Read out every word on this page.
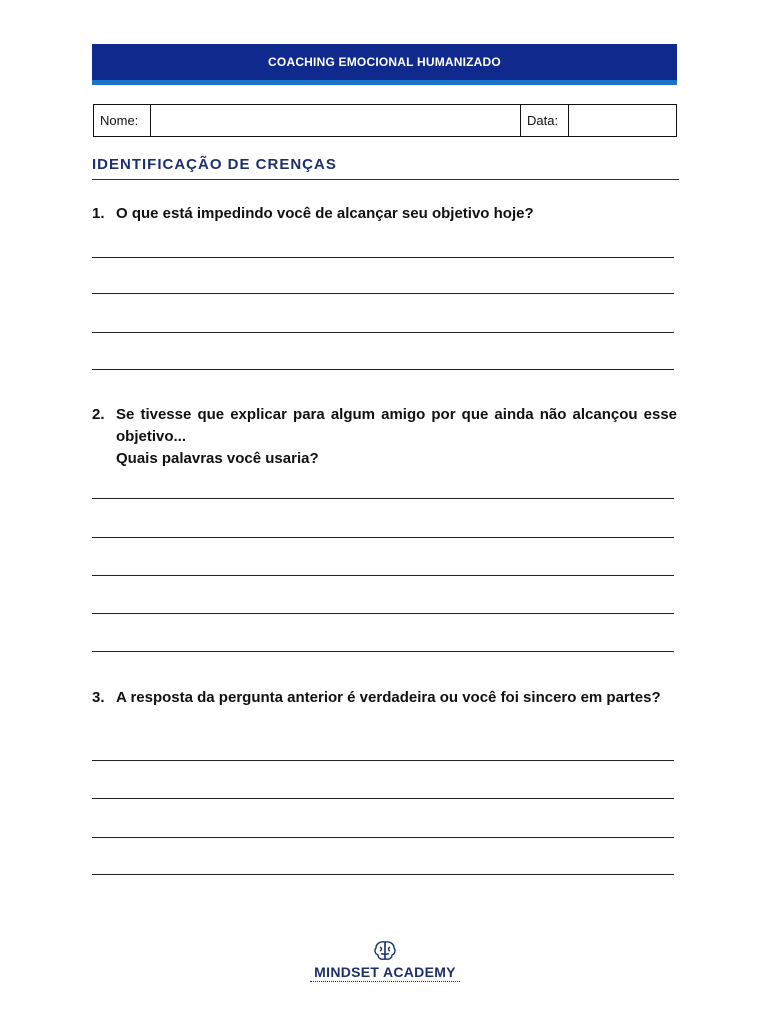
COACHING EMOCIONAL HUMANIZADO
Nome:	Data:
IDENTIFICAÇÃO DE CRENÇAS
1. O que está impedindo você de alcançar seu objetivo hoje?
2. Se tivesse que explicar para algum amigo por que ainda não alcançou esse objetivo...
Quais palavras você usaria?
3. A resposta da pergunta anterior é verdadeira ou você foi sincero em partes?
MINDSET ACADEMY
